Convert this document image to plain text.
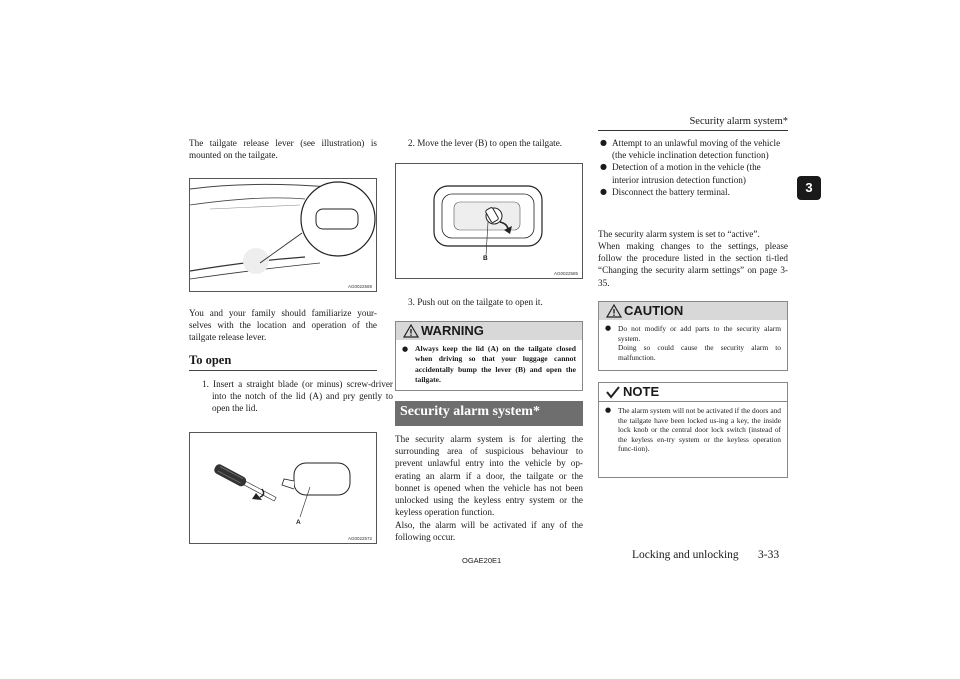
Security alarm system*
3

The tailgate release lever (see illustration) is mounted on the tailgate.

AG0022569

You and your family should familiarize your-selves with the location and operation of the tailgate release lever.

To open

1. Insert a straight blade (or minus) screw-driver into the notch of the lid (A) and pry gently to open the lid.

A
AG0022572

2. Move the lever (B) to open the tailgate.

B
AG0022585

3. Push out on the tailgate to open it.

WARNING

● Always keep the lid (A) on the tailgate closed when driving so that your luggage cannot accidentally bump the lever (B) and open the tailgate.

Security alarm system*

The security alarm system is for alerting the surrounding area of suspicious behaviour to prevent unlawful entry into the vehicle by op-erating an alarm if a door, the tailgate or the bonnet is opened when the vehicle has not been unlocked using the keyless entry system or the keyless operation function.

Also, the alarm will be activated if any of the following occur.

● Attempt to an unlawful moving of the vehicle (the vehicle inclination detection function)

● Detection of a motion in the vehicle (the interior intrusion detection function)

● Disconnect the battery terminal.

The security alarm system is set to “active”.

When making changes to the settings, please follow the procedure listed in the section ti-tled “Changing the security alarm settings” on page 3-35.

CAUTION

● Do not modify or add parts to the security alarm system.
Doing so could cause the security alarm to malfunction.

NOTE

● The alarm system will not be activated if the doors and the tailgate have been locked us-ing a key, the inside lock knob or the central door lock switch (instead of the keyless en-try system or the keyless operation func-tion).

OGAE20E1	Locking and unlocking 3-33
